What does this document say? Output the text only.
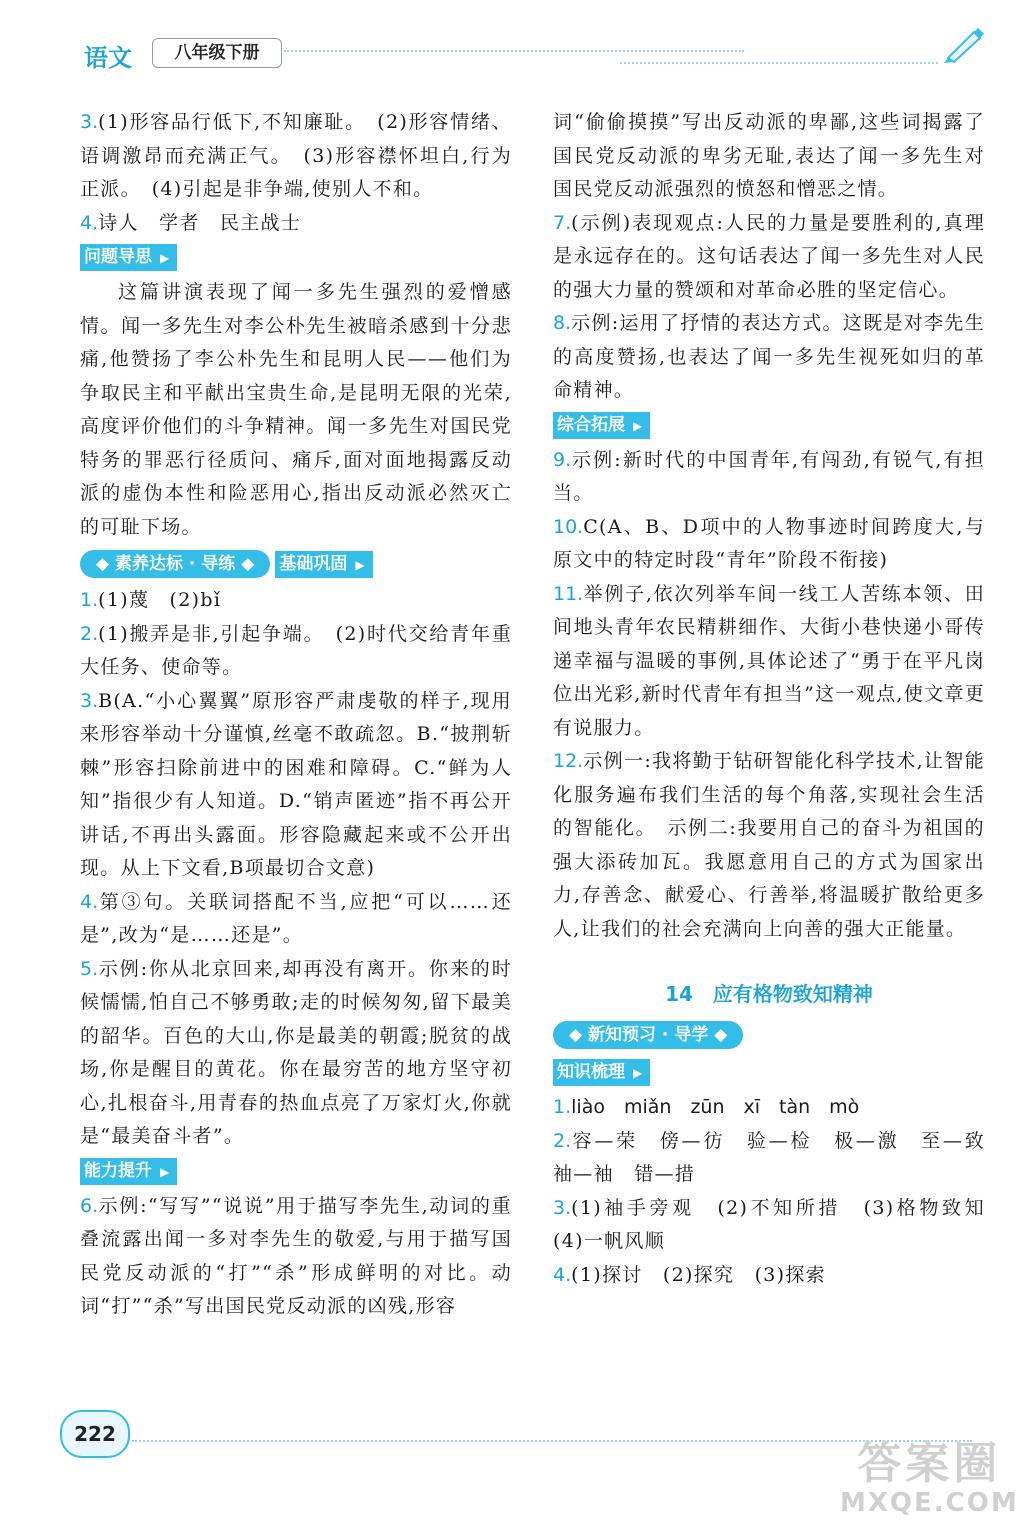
语文	八年级下册

3.(1)形容品行低下,不知廉耻。　(2)形容情绪、语调激昂而充满正气。　(3)形容襟怀坦白,行为正派。　(4)引起是非争端,使别人不和。

4.诗人　学者　民主战士

问题导思 ▶

这篇讲演表现了闻一多先生强烈的爱憎感情。闻一多先生对李公朴先生被暗杀感到十分悲痛,他赞扬了李公朴先生和昆明人民——他们为争取民主和平献出宝贵生命,是昆明无限的光荣,高度评价他们的斗争精神。闻一多先生对国民党特务的罪恶行径质问、痛斥,面对面地揭露反动派的虚伪本性和险恶用心,指出反动派必然灭亡的可耻下场。

◆ 素养达标 · 导练 ◆ 基础巩固 ▶

1.(1)蔑　(2)bǐ

2.(1)搬弄是非,引起争端。　(2)时代交给青年重大任务、使命等。

3.B(A.“小心翼翼”原形容严肃虔敬的样子,现用来形容举动十分谨慎,丝毫不敢疏忽。B.“披荆斩棘”形容扫除前进中的困难和障碍。C.“鲜为人知”指很少有人知道。D.“销声匿迹”指不再公开讲话,不再出头露面。形容隐藏起来或不公开出现。从上下文看,B项最切合文意)

4.第③句。关联词搭配不当,应把“可以……还是”,改为“是……还是”。

5.示例:你从北京回来,却再没有离开。你来的时候懦懦,怕自己不够勇敢;走的时候匆匆,留下最美的韶华。百色的大山,你是最美的朝霞;脱贫的战场,你是醒目的黄花。你在最穷苦的地方坚守初心,扎根奋斗,用青春的热血点亮了万家灯火,你就是“最美奋斗者”。

能力提升 ▶

6.示例:“写写”“说说”用于描写李先生,动词的重叠流露出闻一多对李先生的敬爱,与用于描写国民党反动派的“打”“杀”形成鲜明的对比。动词“打”“杀”写出国民党反动派的凶残,形容

词“偷偷摸摸”写出反动派的卑鄙,这些词揭露了国民党反动派的卑劣无耻,表达了闻一多先生对国民党反动派强烈的愤怒和憎恶之情。

7.(示例)表现观点:人民的力量是要胜利的,真理是永远存在的。这句话表达了闻一多先生对人民的强大力量的赞颂和对革命必胜的坚定信心。

8.示例:运用了抒情的表达方式。这既是对李先生的高度赞扬,也表达了闻一多先生视死如归的革命精神。

综合拓展 ▶

9.示例:新时代的中国青年,有闯劲,有锐气,有担当。

10.C(A、B、D项中的人物事迹时间跨度大,与原文中的特定时段“青年”阶段不衔接)

11.举例子,依次列举车间一线工人苦练本领、田间地头青年农民精耕细作、大街小巷快递小哥传递幸福与温暖的事例,具体论述了“勇于在平凡岗位出光彩,新时代青年有担当”这一观点,使文章更有说服力。

12.示例一:我将勤于钻研智能化科学技术,让智能化服务遍布我们生活的每个角落,实现社会生活的智能化。　示例二:我要用自己的奋斗为祖国的强大添砖加瓦。我愿意用自己的方式为国家出力,存善念、献爱心、行善举,将温暖扩散给更多人,让我们的社会充满向上向善的强大正能量。

14 应有格物致知精神
◆ 新知预习 · 导学 ◆
知识梳理 ▶

1.liào　miǎn　zūn　xī　tàn　mò

2.容—荣　傍—彷　验—检　极—激　至—致　袖—袖　错—措

3.(1)袖手旁观　(2)不知所措　(3)格物致知　(4)一帆风顺

4.(1)探讨　(2)探究　(3)探索

222
答案圈
MXQE.COM
